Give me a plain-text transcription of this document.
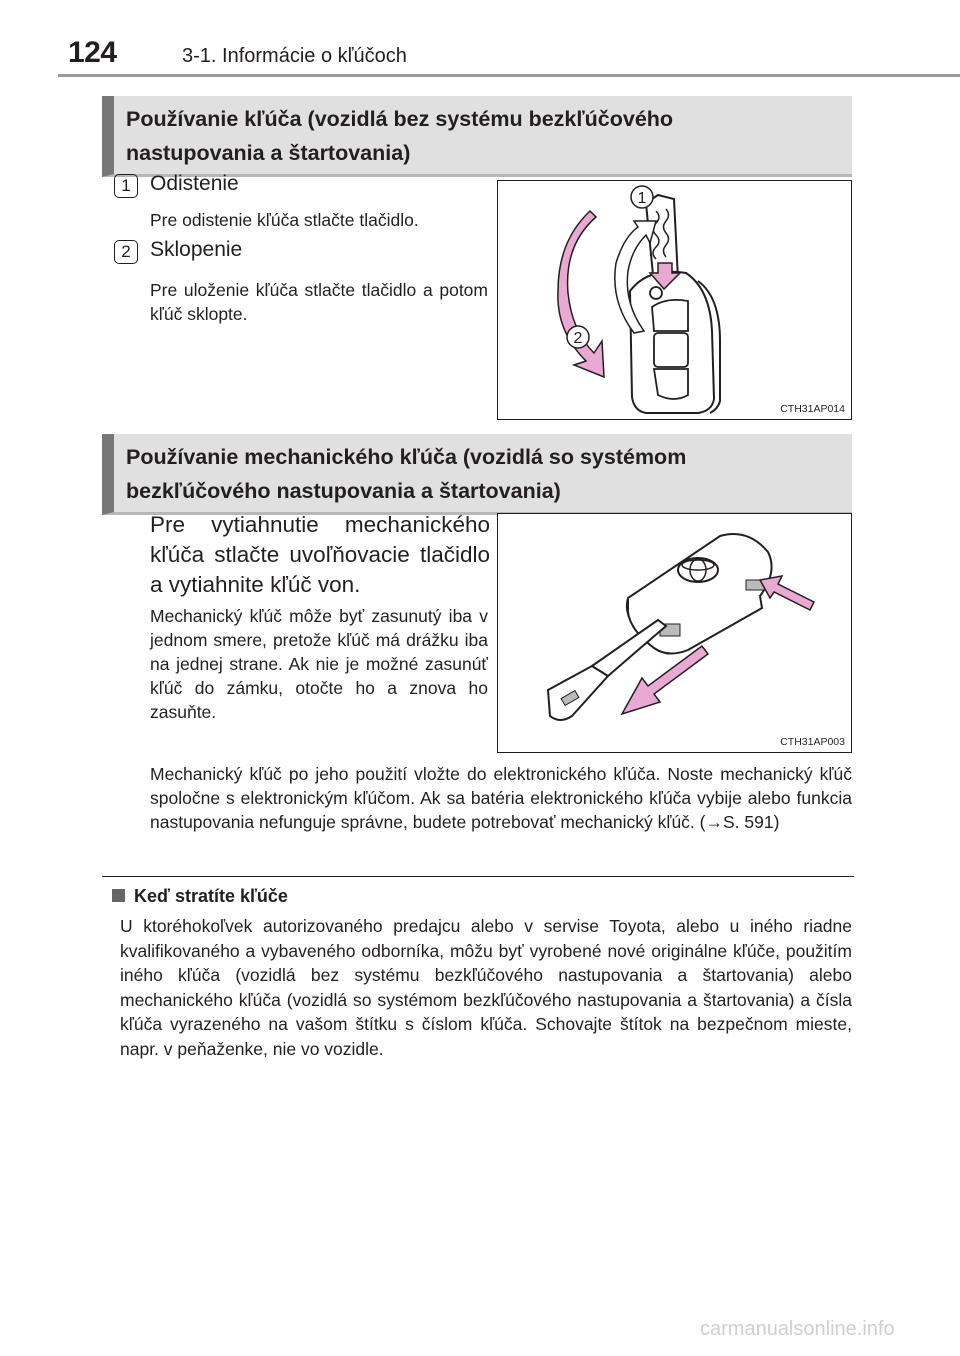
124	3-1. Informácie o kľúčoch
Používanie kľúča (vozidlá bez systému bezkľúčového
nastupovania a štartovania)
1 Odistenie
Pre odistenie kľúča stlačte tlačidlo.
2 Sklopenie
Pre uloženie kľúča stlačte tlačidlo a potom kľúč sklopte.
1
2
CTH31AP014
Používanie mechanického kľúča (vozidlá so systémom
bezkľúčového nastupovania a štartovania)
Pre vytiahnutie mechanického kľúča stlačte uvoľňovacie tlačidlo a vytiahnite kľúč von.
Mechanický kľúč môže byť zasunutý iba v jednom smere, pretože kľúč má drážku iba na jednej strane. Ak nie je možné zasunúť kľúč do zámku, otočte ho a znova ho zasuňte.
CTH31AP003
Mechanický kľúč po jeho použití vložte do elektronického kľúča. Noste mechanický kľúč spoločne s elektronickým kľúčom. Ak sa batéria elektronického kľúča vybije alebo funkcia nastupovania nefunguje správne, budete potrebovať mechanický kľúč. (→S. 591)
Keď stratíte kľúče
U ktoréhokoľvek autorizovaného predajcu alebo v servise Toyota, alebo u iného riadne kvalifikovaného a vybaveného odborníka, môžu byť vyrobené nové originálne kľúče, použitím iného kľúča (vozidlá bez systému bezkľúčového nastupovania a štartovania) alebo mechanického kľúča (vozidlá so systémom bezkľúčového nastupovania a štartovania) a čísla kľúča vyrazeného na vašom štítku s číslom kľúča. Schovajte štítok na bezpečnom mieste, napr. v peňaženke, nie vo vozidle.
carmanualsonline.info
